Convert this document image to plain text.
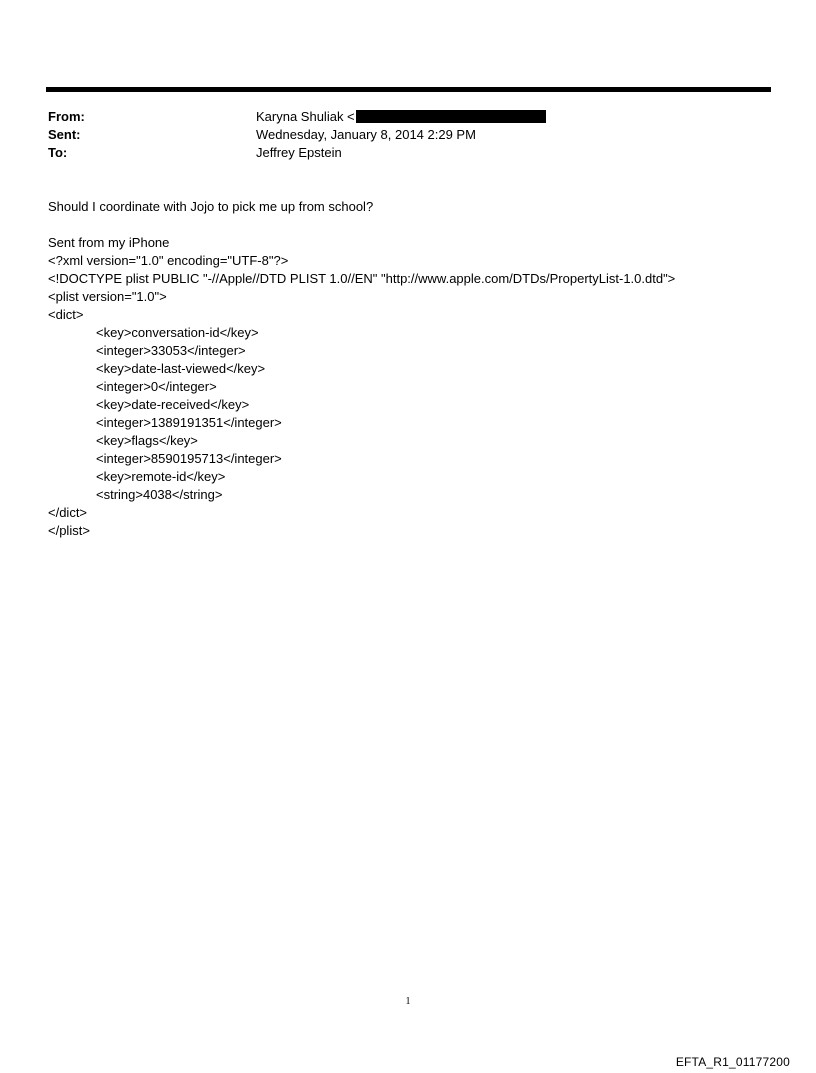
From:	Karyna Shuliak <
Sent:	Wednesday, January 8, 2014 2:29 PM
To:	Jeffrey Epstein
Should I coordinate with Jojo to pick me up from school?
Sent from my iPhone
<?xml version="1.0" encoding="UTF-8"?>
<!DOCTYPE plist PUBLIC "-//Apple//DTD PLIST 1.0//EN" "http://www.apple.com/DTDs/PropertyList-1.0.dtd">
<plist version="1.0">
<dict>
<key>conversation-id</key>
<integer>33053</integer>
<key>date-last-viewed</key>
<integer>0</integer>
<key>date-received</key>
<integer>1389191351</integer>
<key>flags</key>
<integer>8590195713</integer>
<key>remote-id</key>
<string>4038</string>
</dict>
</plist>
1
EFTA_R1_01177200
